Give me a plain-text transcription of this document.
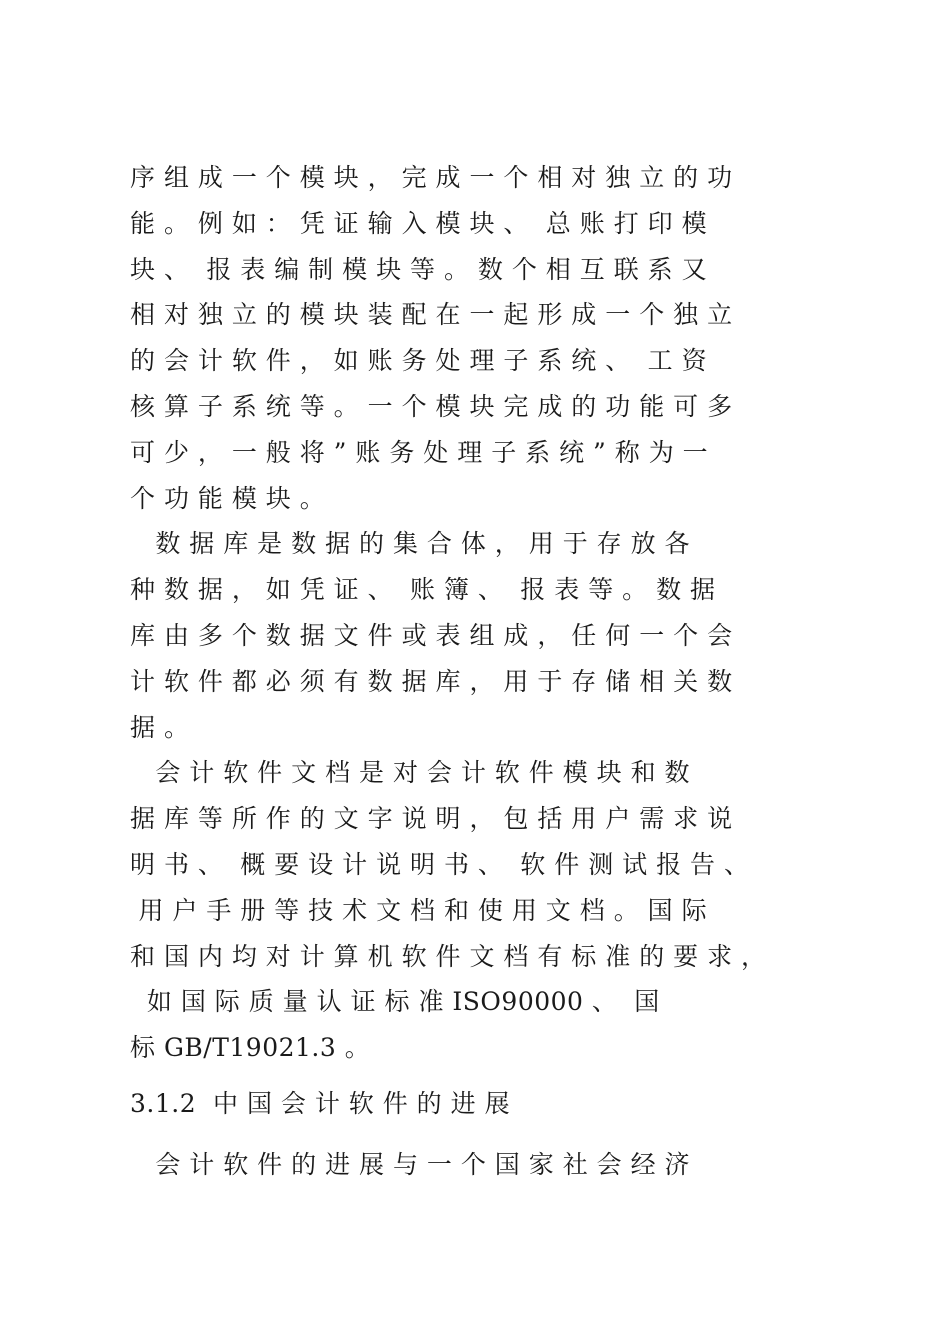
序 组 成 一 个 模 块 ， 完 成 一 个 相 对 独 立 的 功
能 。 例 如 ： 凭 证 输 入 模 块 、  总 账 打 印 模
块 、  报 表 编 制 模 块 等 。 数 个 相 互 联 系 又
相 对 独 立 的 模 块 装 配 在 一 起 形 成 一 个 独 立
的 会 计 软 件 ， 如 账 务 处 理 子 系 统 、  工 资
核 算 子 系 统 等 。 一 个 模 块 完 成 的 功 能 可 多
可 少 ， 一 般 将 ” 账 务 处 理 子 系 统 ” 称 为 一
个 功 能 模 块 。
数 据 库 是 数 据 的 集 合 体 ， 用 于 存 放 各
种 数 据 ， 如 凭 证 、  账 簿 、  报 表 等 。 数 据
库 由 多 个 数 据 文 件 或 表 组 成 ， 任 何 一 个 会
计 软 件 都 必 须 有 数 据 库 ， 用 于 存 储 相 关 数
据 。
会 计 软 件 文 档 是 对 会 计 软 件 模 块 和 数
据 库 等 所 作 的 文 字 说 明 ， 包 括 用 户 需 求 说
明 书 、  概 要 设 计 说 明 书 、  软 件 测 试 报 告 、
用 户 手 册 等 技 术 文 档 和 使 用 文 档 。 国 际
和 国 内 均 对 计 算 机 软 件 文 档 有 标 准 的 要 求 ，
如 国 际 质 量 认 证 标 准 ISO90000 、  国
标 GB/T19021.3 。
3.1.2  中 国 会 计 软 件 的 进 展
会 计 软 件 的 进 展 与 一 个 国 家 社 会 经 济
